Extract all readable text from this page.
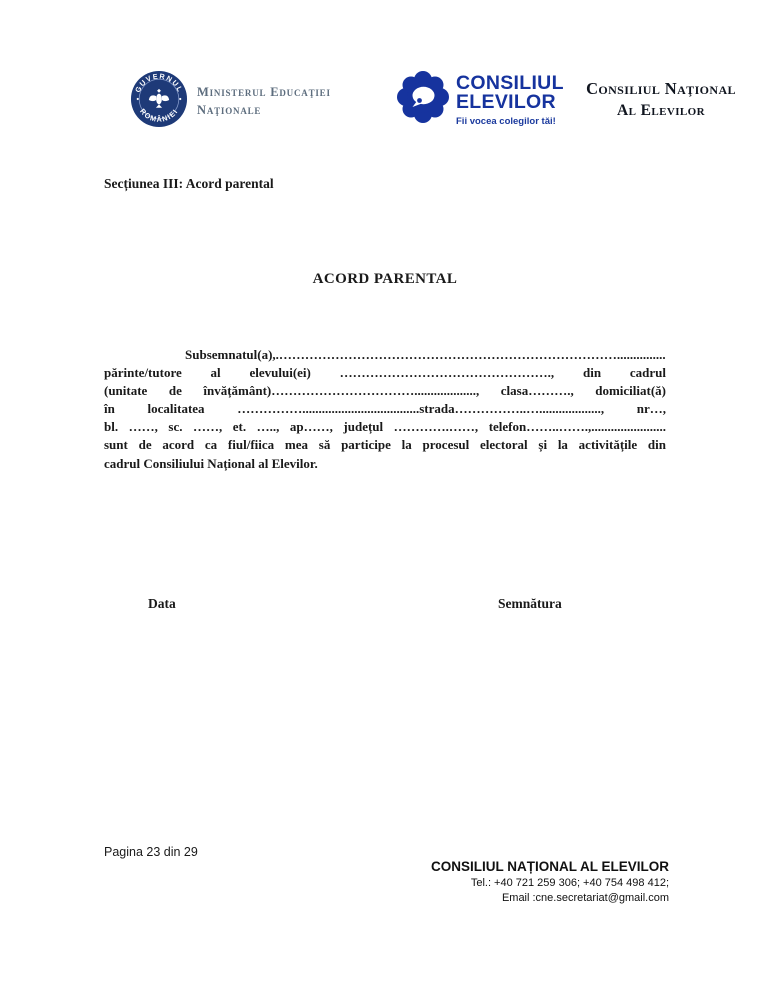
GUVERNUL
ROMÂNIEI
Ministerul Educaţiei
Naţionale
CONSILIUL
ELEVILOR
Fii vocea colegilor tăi!
Consiliul Naţional
Al Elevilor
Secțiunea III: Acord parental
ACORD PARENTAL
Subsemnatul(a),.……………………………………………………………………...............
părinte/tutore al elevului(ei) …………………………………………., din cadrul
(unitate de învățământ)……………………………..................., clasa………., domiciliat(ă)
în localitatea ……………....................................strada……………..…..................., nr…,
bl. ……, sc. ……, et. ….., ap……, județul ………….……, telefon……..…….,.......................
sunt de acord ca fiul/fiica mea să participe la procesul electoral și la activitățile din
cadrul Consiliului Național al Elevilor.
Data	Semnătura
Pagina 23 din 29
CONSILIUL NAȚIONAL AL ELEVILOR
Tel.: +40 721 259 306; +40 754 498 412;
Email :cne.secretariat@gmail.com
